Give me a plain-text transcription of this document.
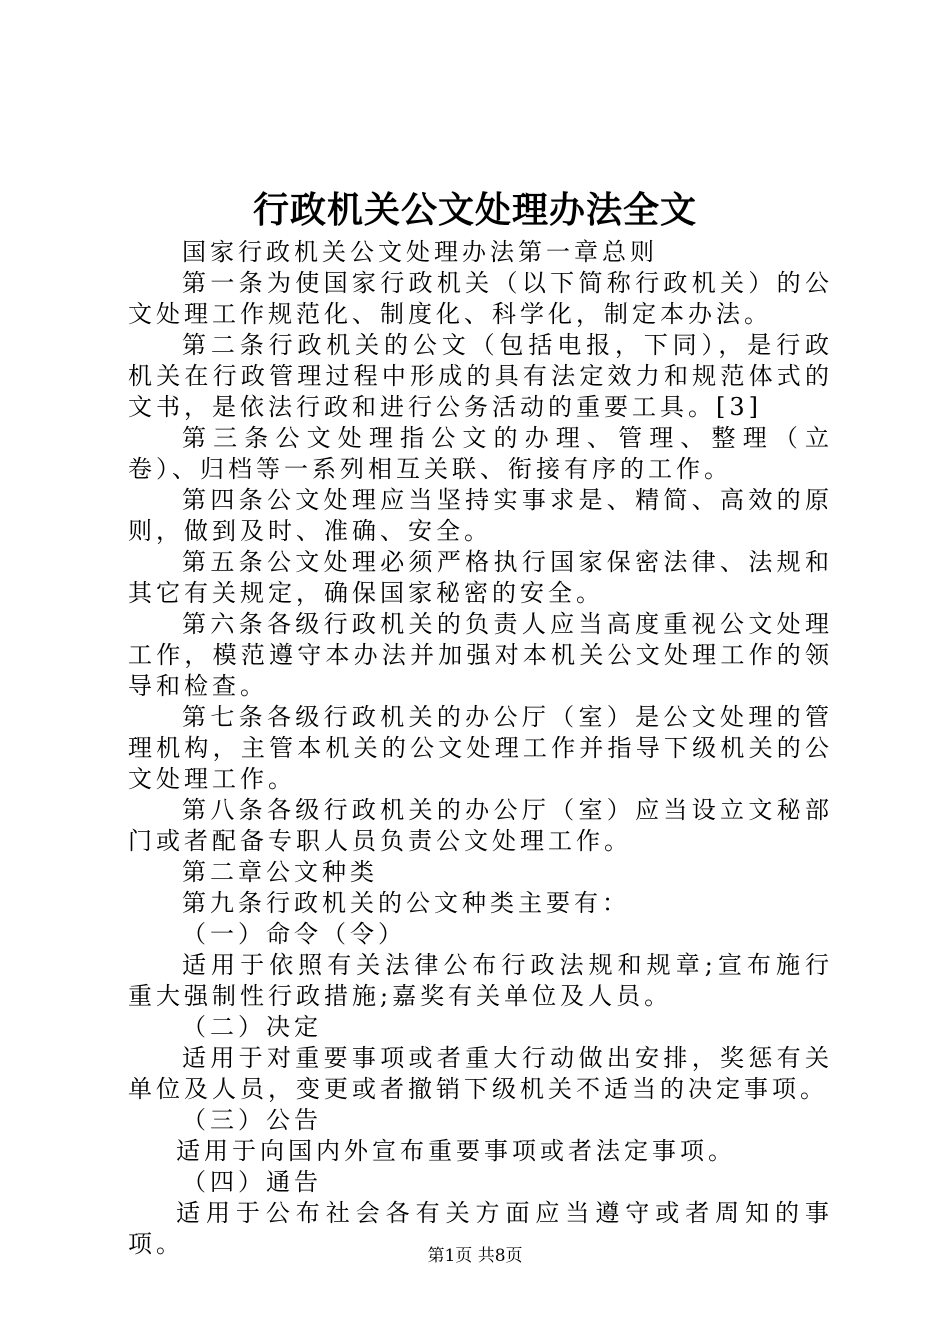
行政机关公文处理办法全文

国家行政机关公文处理办法第一章总则

第一条为使国家行政机关（以下简称行政机关）的公文处理工作规范化、制度化、科学化，制定本办法。

第二条行政机关的公文（包括电报，下同），是行政机关在行政管理过程中形成的具有法定效力和规范体式的文书，是依法行政和进行公务活动的重要工具。[3]

第三条公文处理指公文的办理、管理、整理（立卷）、归档等一系列相互关联、衔接有序的工作。

第四条公文处理应当坚持实事求是、精简、高效的原则，做到及时、准确、安全。

第五条公文处理必须严格执行国家保密法律、法规和其它有关规定，确保国家秘密的安全。

第六条各级行政机关的负责人应当高度重视公文处理工作，模范遵守本办法并加强对本机关公文处理工作的领导和检查。

第七条各级行政机关的办公厅（室）是公文处理的管理机构，主管本机关的公文处理工作并指导下级机关的公文处理工作。

第八条各级行政机关的办公厅（室）应当设立文秘部门或者配备专职人员负责公文处理工作。

第二章公文种类

第九条行政机关的公文种类主要有：

（一）命令（令）

适用于依照有关法律公布行政法规和规章;宣布施行重大强制性行政措施;嘉奖有关单位及人员。

（二）决定

适用于对重要事项或者重大行动做出安排，奖惩有关单位及人员，变更或者撤销下级机关不适当的决定事项。

（三）公告

适用于向国内外宣布重要事项或者法定事项。

（四）通告

适用于公布社会各有关方面应当遵守或者周知的事项。	第1页 共8页
